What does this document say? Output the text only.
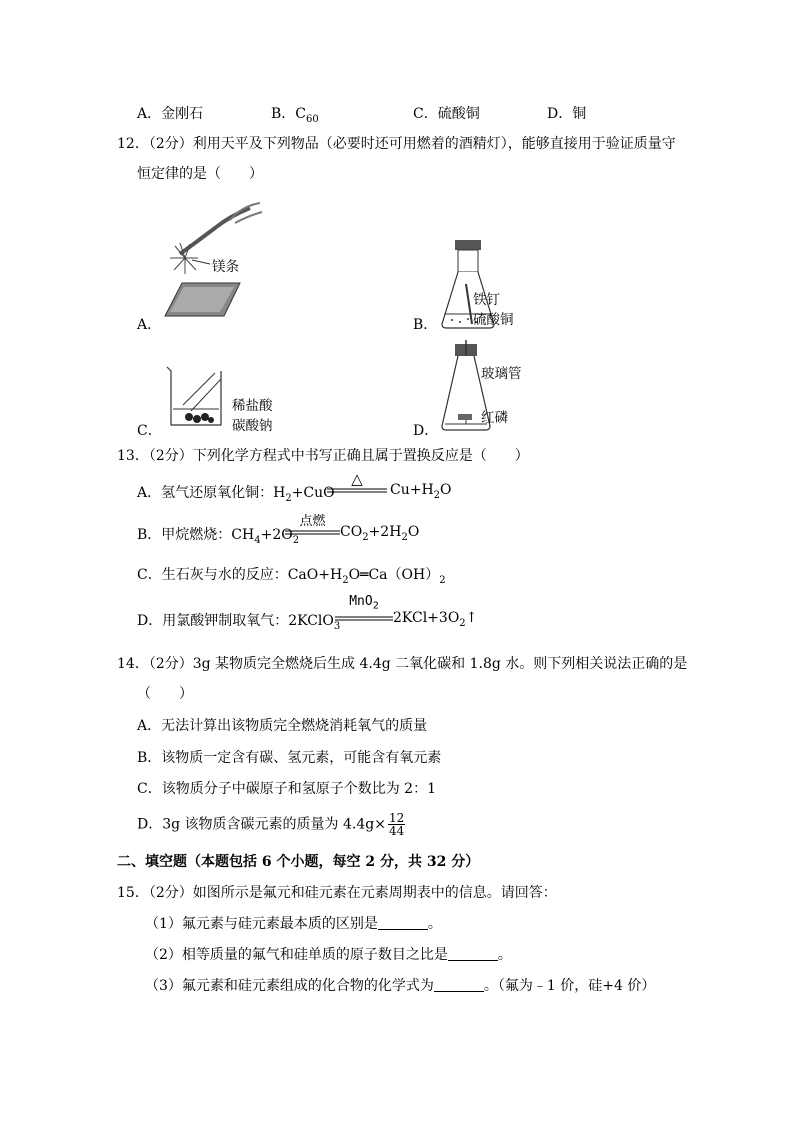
A．金刚石	B．$C_{60}$	C．硫酸铜	D．铜
12．（2分）利用天平及下列物品（必要时还可用燃着的酒精灯），能够直接用于验证质量守
恒定律的是（　　）
镁条
A．
铁钉
硫酸铜
B．
稀盐酸
碳酸钠
C．
玻璃管
红磷
D．
13．（2分）下列化学方程式中书写正确且属于置换反应是（　　）
A．氢气还原氧化铜：$H_2+CuO$
△
$Cu+H_2O$
B．甲烷燃烧：$CH_4+2O_2$
点燃
$CO_2+2H_2O$
C．生石灰与水的反应：$CaO+H_2O═Ca(OH)_2$
D．用氯酸钾制取氧气：2KClO$_3$
MnO$_2$
$2KCl+3O_2↑$
14．（2分）3g 某物质完全燃烧后生成 4.4g 二氧化碳和 1.8g 水。则下列相关说法正确的是
（　　）
A．无法计算出该物质完全燃烧消耗氧气的质量
B．该物质一定含有碳、氢元素，可能含有氧元素
C．该物质分子中碳原子和氢原子个数比为 2：1
D．3g 该物质含碳元素的质量为 $4.4g\times \frac{12}{44}$
二、填空题（本题包括 6 个小题，每空 2 分，共 32 分）
15．（2分）如图所示是氟元和硅元素在元素周期表中的信息。请回答：
（1）氟元素与硅元素最本质的区别是	。
（2）相等质量的氟气和硅单质的原子数目之比是	。
（3）氟元素和硅元素组成的化合物的化学式为	。（氟为﹣1 价，硅+4 价）
